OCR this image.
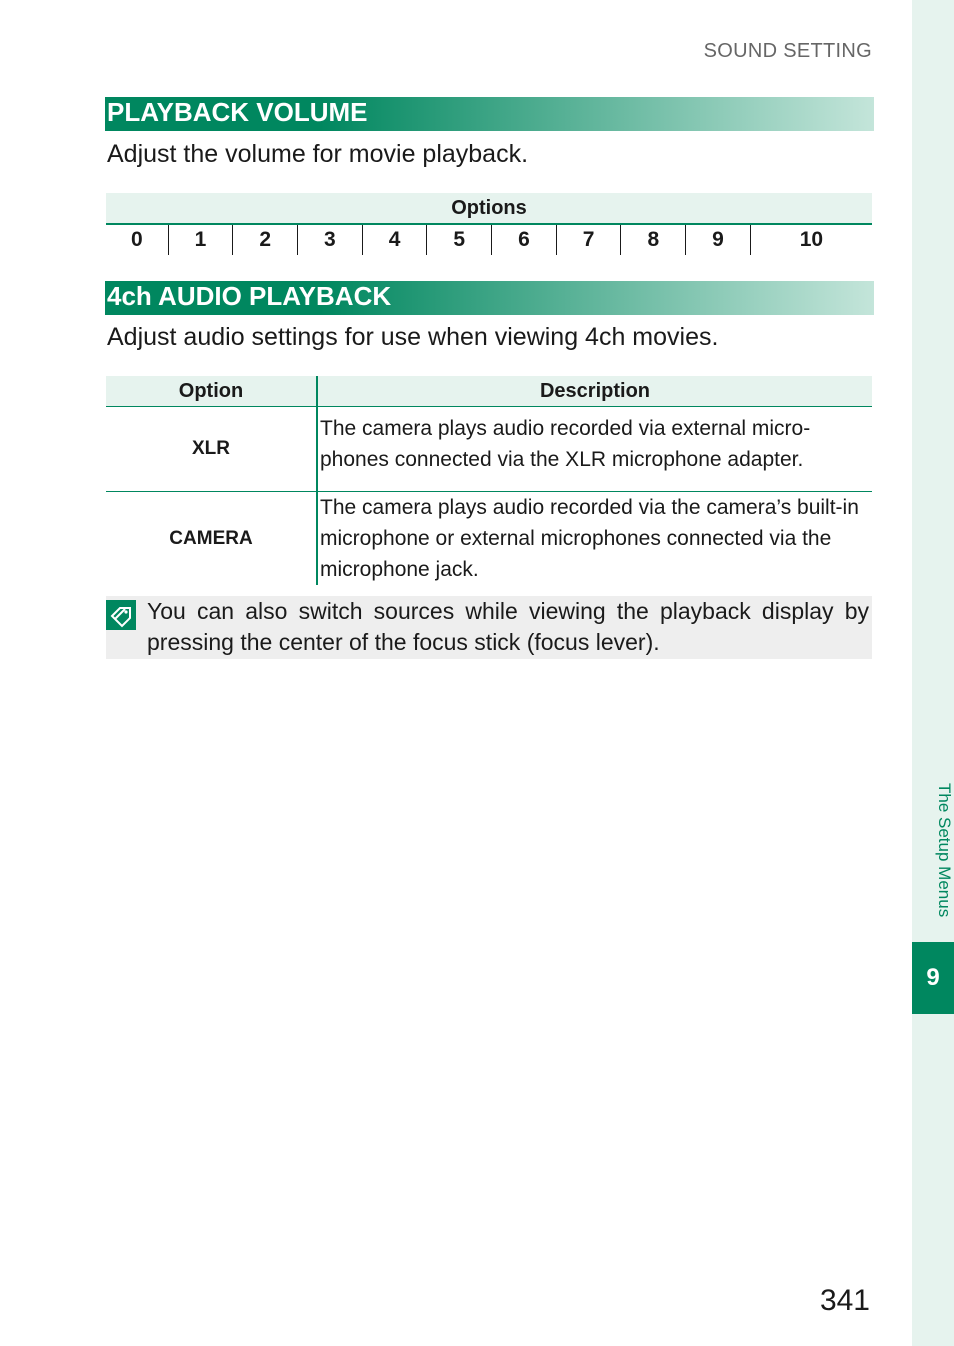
The Setup Menus
9
SOUND SETTING
PLAYBACK VOLUME
Adjust the volume for movie playback.
Options
0	1	2	3	4	5	6	7	8	9	10
4ch AUDIO PLAYBACK
Adjust audio settings for use when viewing 4ch movies.
Option	Description
XLR	The camera plays audio recorded via external micro-phones connected via the XLR microphone adapter.
CAMERA	The camera plays audio recorded via the camera’s built-in microphone or external microphones connected via the microphone jack.
You can also switch sources while viewing the playback display by pressing the center of the focus stick (focus lever).
341
